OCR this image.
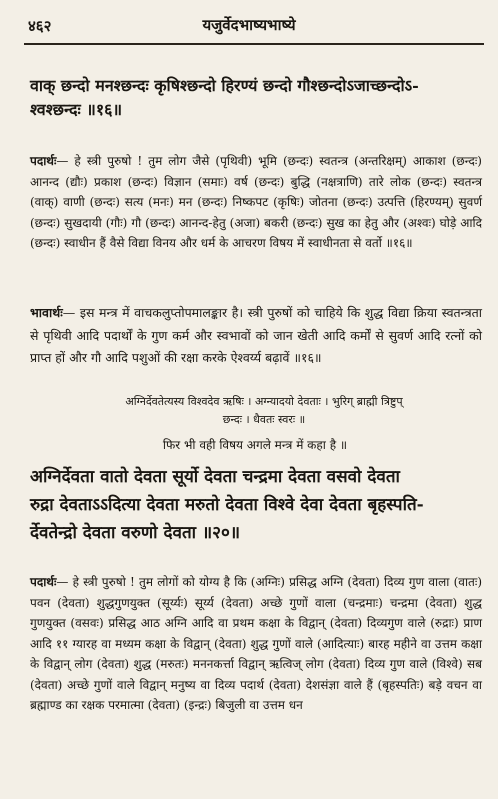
४६२	यजुर्वेदभाष्यभाष्ये
वाक् छन्दो मनश्छन्दः कृषिश्छन्दो हिरण्यं छन्दो गौश्छन्दोऽजाच्छन्दोऽ-
श्वश्छन्दः ॥१६॥
पदार्थः— हे स्त्री पुरुषो ! तुम लोग जैसे (पृथिवी) भूमि (छन्दः) स्वतन्त्र (अन्तरिक्षम्) आकाश (छन्दः) आनन्द (द्यौः) प्रकाश (छन्दः) विज्ञान (समाः) वर्ष (छन्दः) बुद्धि (नक्षत्राणि) तारे लोक (छन्दः) स्वतन्त्र (वाक्) वाणी (छन्दः) सत्य (मनः) मन (छन्दः) निष्कपट (कृषिः) जोतना (छन्दः) उत्पत्ति (हिरण्यम्) सुवर्ण (छन्दः) सुखदायी (गौः) गौ (छन्दः) आनन्द-हेतु (अजा) बकरी (छन्दः) सुख का हेतु और (अश्वः) घोड़े आदि (छन्दः) स्वाधीन हैं वैसे विद्या विनय और धर्म के आचरण विषय में स्वाधीनता से वर्तो ॥१६॥
भावार्थः— इस मन्त्र में वाचकलुप्तोपमालङ्कार है। स्त्री पुरुषों को चाहिये कि शुद्ध विद्या क्रिया स्वतन्त्रता से पृथिवी आदि पदार्थों के गुण कर्म और स्वभावों को जान खेती आदि कर्मों से सुवर्ण आदि रत्नों को प्राप्त हों और गौ आदि पशुओं की रक्षा करके ऐश्वर्य्य बढ़ावें ॥१६॥
अग्निर्देवतेत्यस्य विश्वदेव ऋषिः । अग्न्यादयो देवताः । भुरिग् ब्राह्मी त्रिष्टुप्
छन्दः । धैवतः स्वरः ॥
फिर भी वही विषय अगले मन्त्र में कहा है ॥
अग्निर्देवता वातो देवता सूर्यो देवता चन्द्रमा देवता वसवो देवता
रुद्रा देवताऽऽदित्या देवता मरुतो देवता विश्वे देवा देवता बृहस्पति-
र्देवतेन्द्रो देवता वरुणो देवता ॥२०॥
पदार्थः— हे स्त्री पुरुषो ! तुम लोगों को योग्य है कि (अग्निः) प्रसिद्ध अग्नि (देवता) दिव्य गुण वाला (वातः) पवन (देवता) शुद्धगुणयुक्त (सूर्य्यः) सूर्य्य (देवता) अच्छे गुणों वाला (चन्द्रमाः) चन्द्रमा (देवता) शुद्ध गुणयुक्त (वसवः) प्रसिद्ध आठ अग्नि आदि वा प्रथम कक्षा के विद्वान् (देवता) दिव्यगुण वाले (रुद्राः) प्राण आदि ११ ग्यारह वा मध्यम कक्षा के विद्वान् (देवता) शुद्ध गुणों वाले (आदित्याः) बारह महीने वा उत्तम कक्षा के विद्वान् लोग (देवता) शुद्ध (मरुतः) मननकर्त्ता विद्वान् ऋत्विज् लोग (देवता) दिव्य गुण वाले (विश्वे) सब (देवता) अच्छे गुणों वाले विद्वान् मनुष्य वा दिव्य पदार्थ (देवता) देशसंज्ञा वाले हैं (बृहस्पतिः) बड़े वचन वा ब्रह्माण्ड का रक्षक परमात्मा (देवता) (इन्द्रः) बिजुली वा उत्तम धन
